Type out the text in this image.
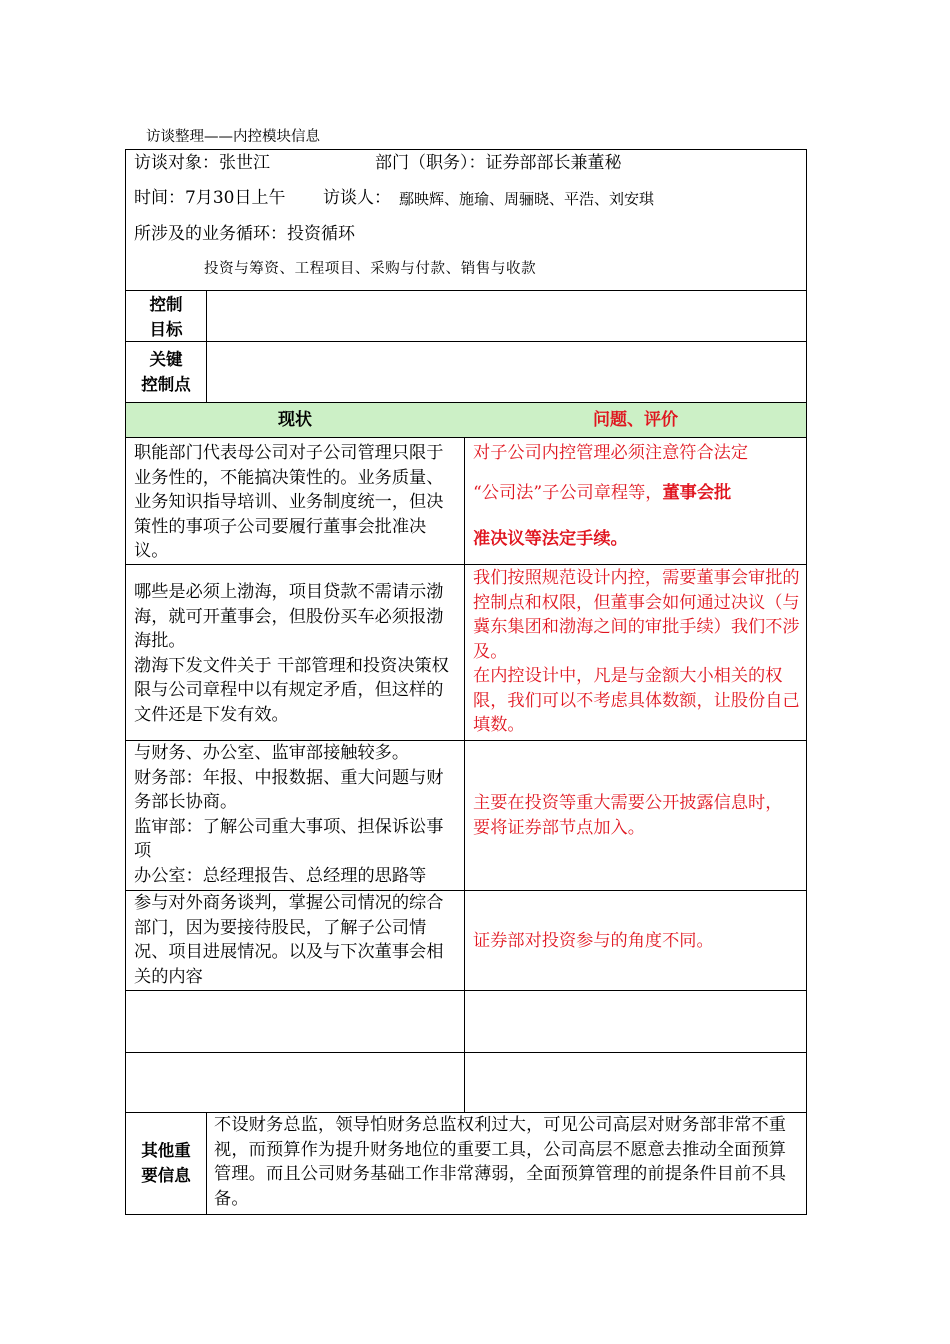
访谈整理——内控模块信息
访谈对象：张世江	部门（职务）：证券部部长兼董秘
时间：7月30日上午 访谈人： 鄢映辉、施瑜、周骊晓、平浩、刘安琪
所涉及的业务循环：投资循环
投资与筹资、工程项目、采购与付款、销售与收款
控制
目标
关键
控制点
现状	问题、评价
职能部门代表母公司对子公司管理只限于业务性的，不能搞决策性的。业务质量、业务知识指导培训、业务制度统一，但决策性的事项子公司要履行董事会批准决议。
对子公司内控管理必须注意符合法定
“公司法”子公司章程等，董事会批
准决议等法定手续。
哪些是必须上渤海，项目贷款不需请示渤海，就可开董事会，但股份买车必须报渤海批。
渤海下发文件关于 干部管理和投资决策权限与公司章程中以有规定矛盾，但这样的文件还是下发有效。
我们按照规范设计内控，需要董事会审批的控制点和权限，但董事会如何通过决议（与冀东集团和渤海之间的审批手续）我们不涉及。
在内控设计中，凡是与金额大小相关的权限，我们可以不考虑具体数额，让股份自己填数。
与财务、办公室、监审部接触较多。
财务部：年报、中报数据、重大问题与财务部长协商。
监审部：了解公司重大事项、担保诉讼事项
办公室：总经理报告、总经理的思路等
主要在投资等重大需要公开披露信息时，要将证券部节点加入。
参与对外商务谈判，掌握公司情况的综合部门，因为要接待股民，了解子公司情况、项目进展情况。以及与下次董事会相关的内容
证券部对投资参与的角度不同。
其他重
要信息
不设财务总监，领导怕财务总监权利过大，可见公司高层对财务部非常不重视，而预算作为提升财务地位的重要工具，公司高层不愿意去推动全面预算管理。而且公司财务基础工作非常薄弱，全面预算管理的前提条件目前不具备。
